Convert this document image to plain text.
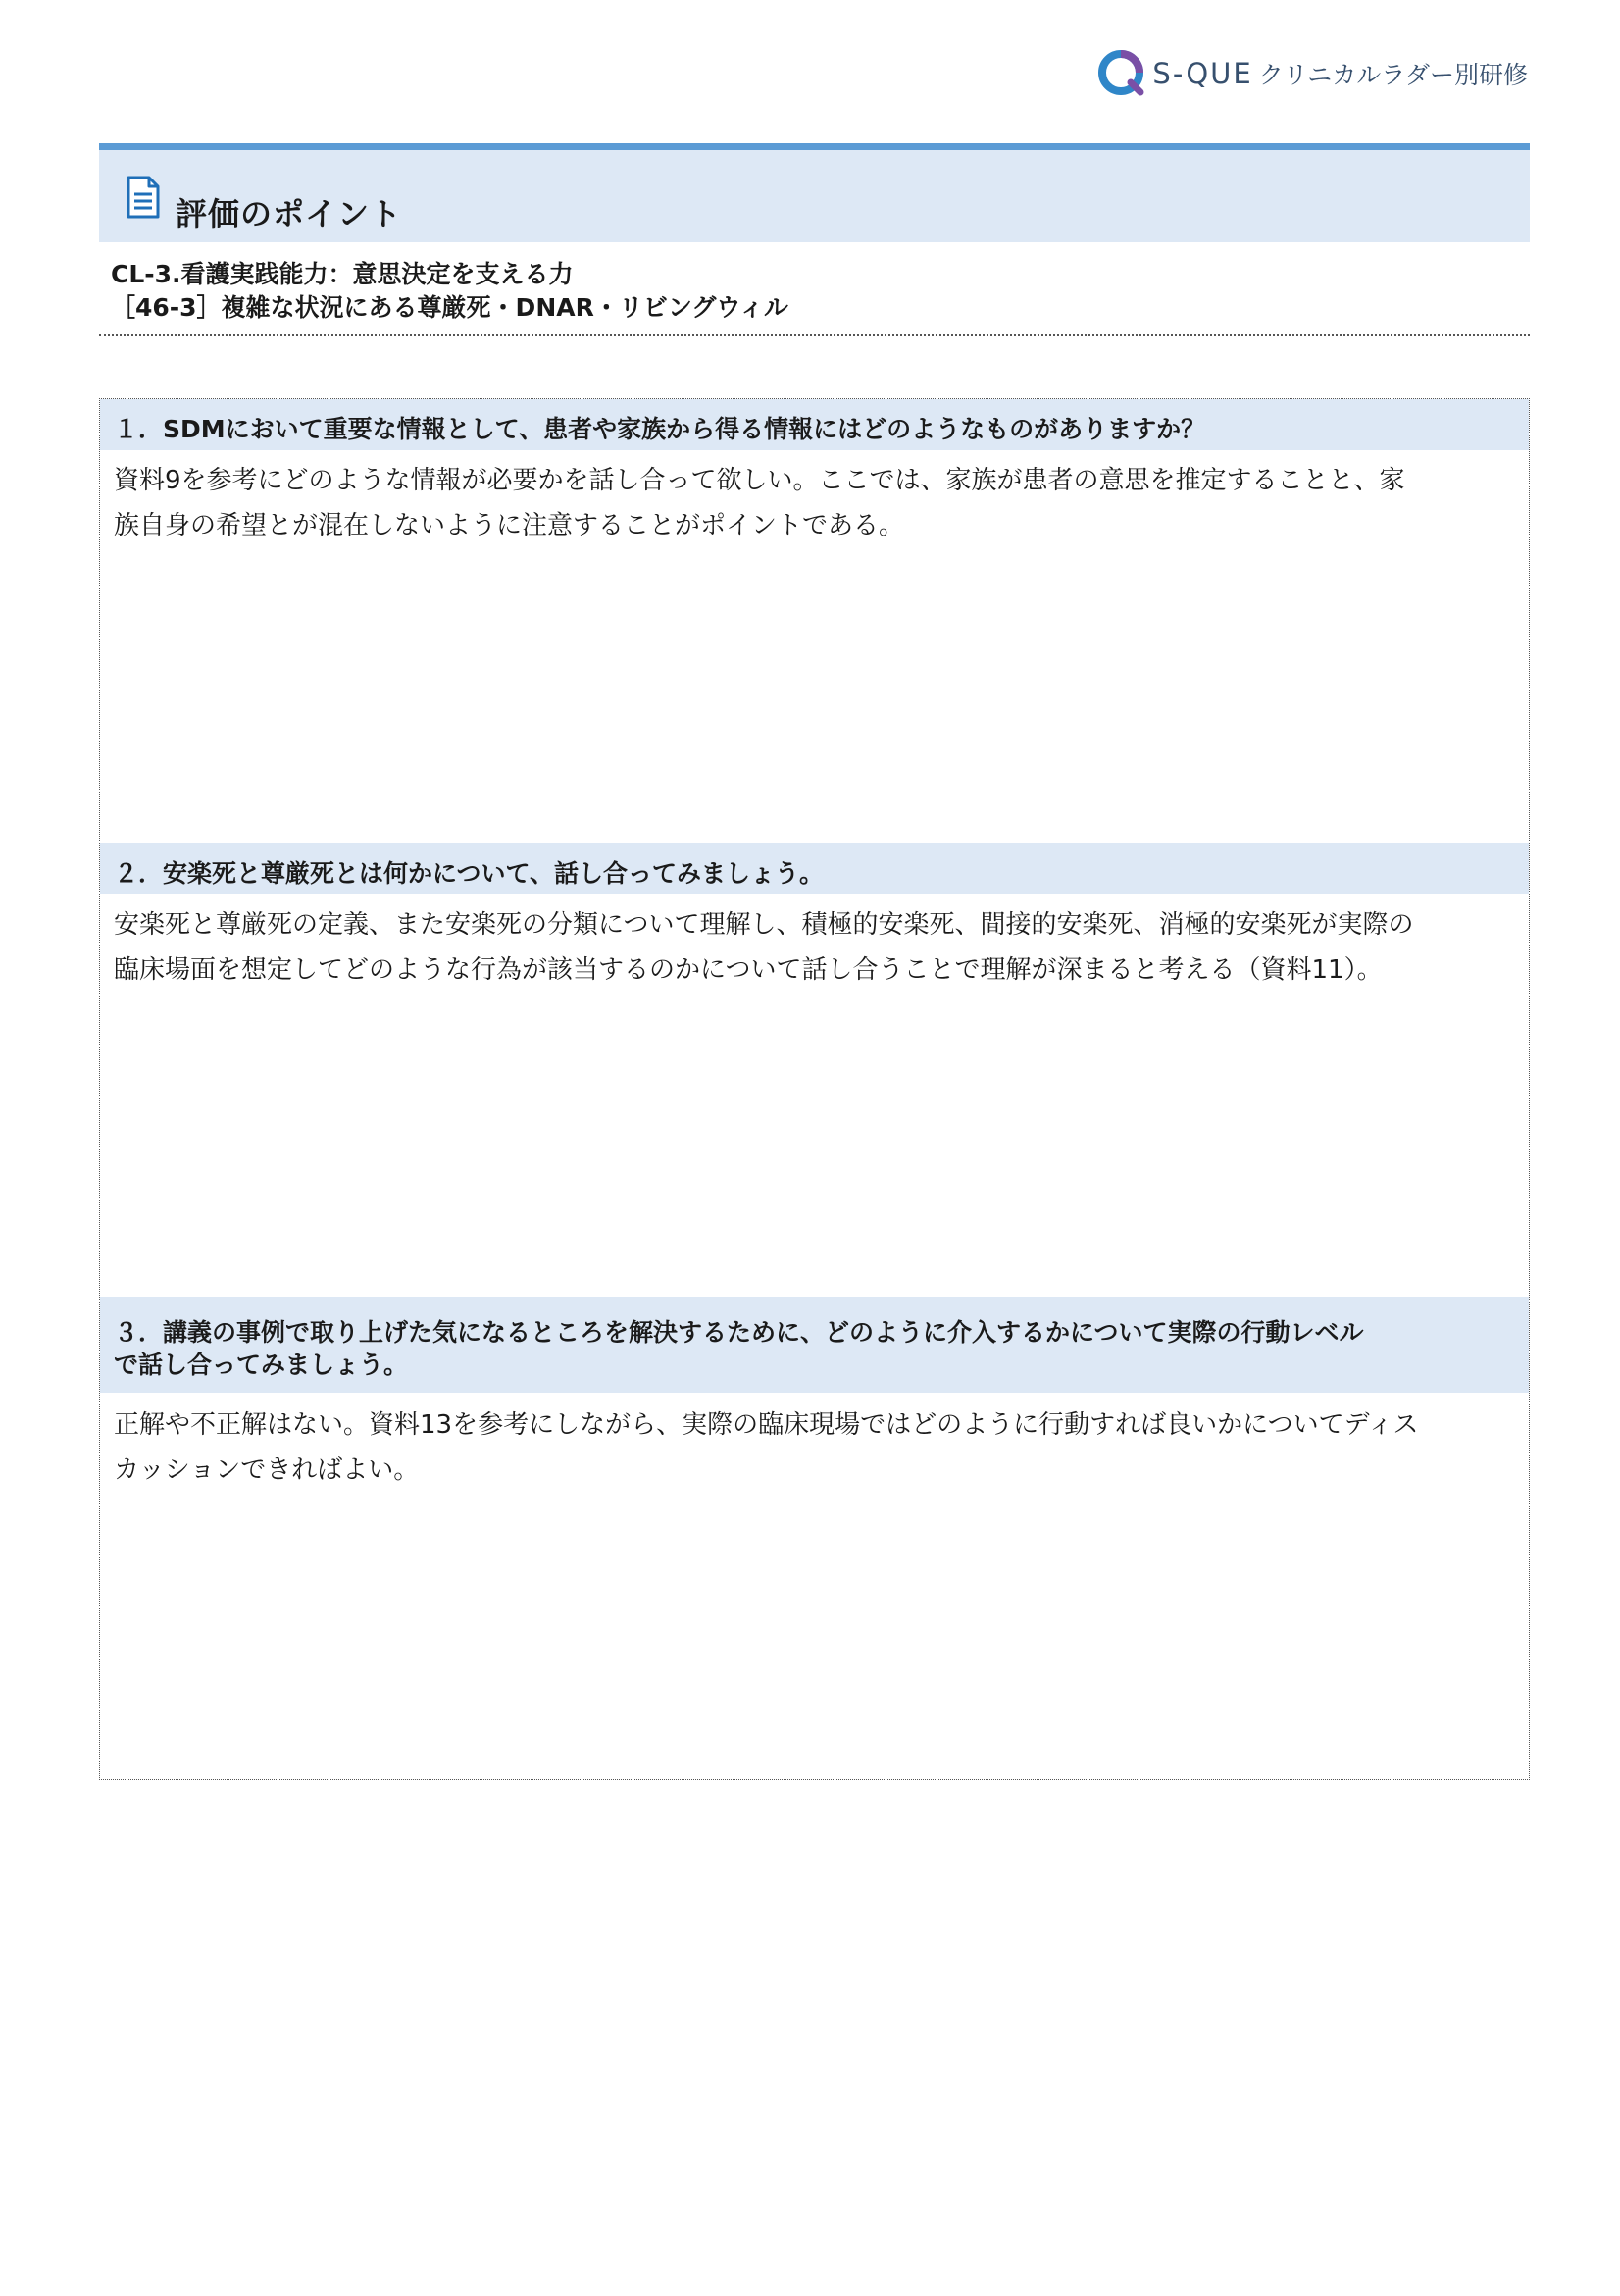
S-QUE クリニカルラダー別研修
評価のポイント
CL-3.看護実践能力：意思決定を支える力
［46-3］複雑な状況にある尊厳死・DNAR・リビングウィル
１．SDMにおいて重要な情報として、患者や家族から得る情報にはどのようなものがありますか？
資料9を参考にどのような情報が必要かを話し合って欲しい。ここでは、家族が患者の意思を推定することと、家
族自身の希望とが混在しないように注意することがポイントである。
２．安楽死と尊厳死とは何かについて、話し合ってみましょう。
安楽死と尊厳死の定義、また安楽死の分類について理解し、積極的安楽死、間接的安楽死、消極的安楽死が実際の
臨床場面を想定してどのような行為が該当するのかについて話し合うことで理解が深まると考える（資料11）。
３．講義の事例で取り上げた気になるところを解決するために、どのように介入するかについて実際の行動レベル
で話し合ってみましょう。
正解や不正解はない。資料13を参考にしながら、実際の臨床現場ではどのように行動すれば良いかについてディス
カッションできればよい。
